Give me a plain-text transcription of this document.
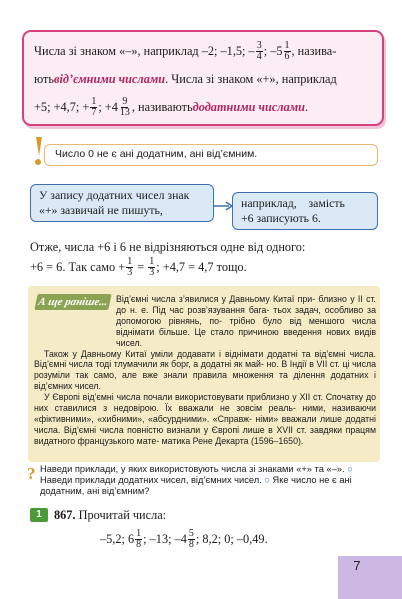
Числа зі знаком «–», наприклад –2; –1,5; – $\frac{3}{4}$ ; $-5 \frac{1}{6}$ , назива-
ють від’ємними числами . Числа зі знаком «+», наприклад
+5; +4,7; + $\frac{1}{7}$ ; $+4 \frac{9}{13}$ , називають додатними числами .
Число 0 не є ані додатним, ані від’ємним.
У запису додатних чисел знак
«+» зазвичай не пишуть,	наприклад,    замість
+6 записують 6.
Отже, числа +6 і 6 не відрізняються одне від одного:
+6 = 6. Так само + $\frac{1}{3} = \frac{1}{3}$ ; +4,7 = 4,7 тощо.

Від’ємні числа з’явилися у Давньому Китаї при- близно у ІІ ст. до н. е. Під час розв’язування бага- тьох задач, особливо за допомогою рівнянь, по- трібно було від меншого числа віднімати більше. Це стало причиною введення нових видів чисел.

Також у Давньому Китаї уміли додавати і віднімати додатні та від’ємні числа. Від’ємні числа тоді тлумачили як борг, а додатні як май- но. В Індії в VII ст. ці числа розуміли так само, але вже знали правила множення та ділення додатних і від’ємних чисел.

У Європі від’ємні числа почали використовувати приблизно у XII ст. Спочатку до них ставилися з недовірою. Їх вважали не зовсім реаль- ними, називаючи «фіктивними», «хибними», «абсурдними». «Справж- німи» вважали лише додатні числа. Від’ємні числа повністю визнали у Європі лише в XVII ст. завдяки працям видатного французького мате- матика Рене Декарта (1596–1650).

А ще раніше...
1 867. Прочитай числа:
–5,2; $6 \frac{1}{8}$ ; –13; $-4 \frac{5}{8}$ ; 8,2; 0; –0,49.
? Наведи приклади, у яких використовують числа зі знаками «+» та «–». ○ Наведи приклади додатних чисел, від’ємних чисел. ○ Яке число не є ані додатним, ані від’ємним?
7
